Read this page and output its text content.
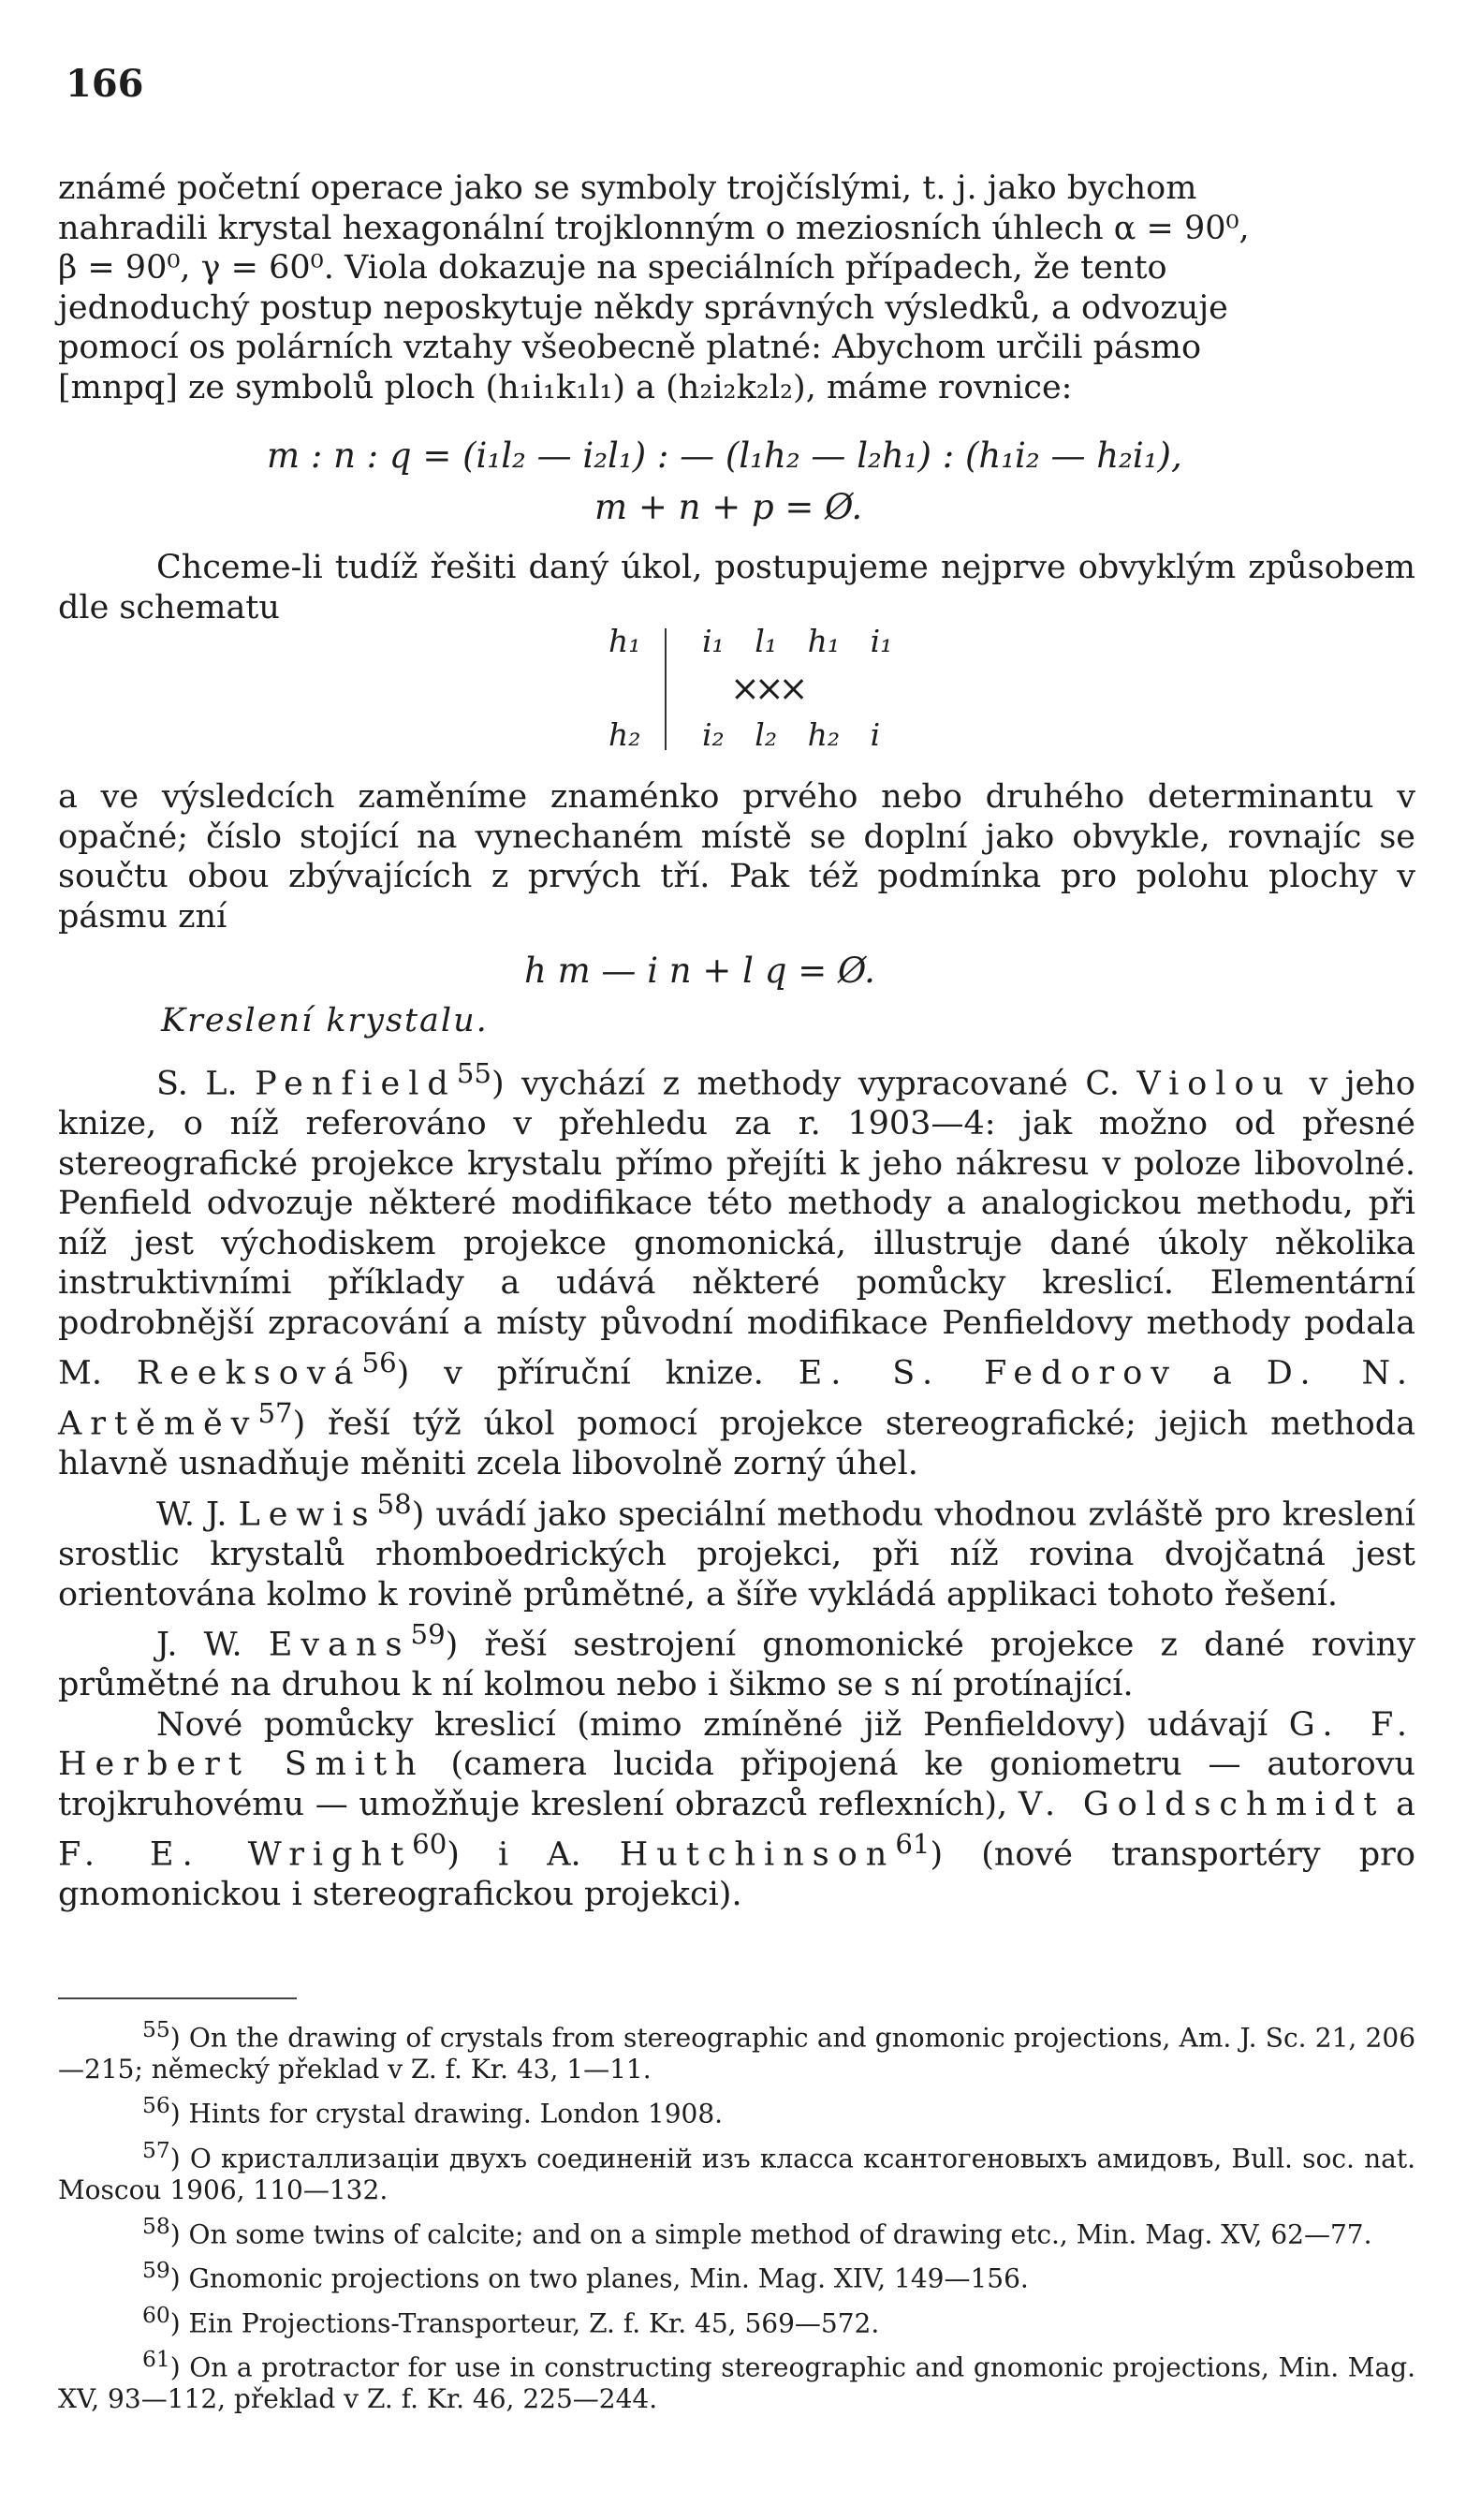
166
známé početní operace jako se symboly trojčíslými, t. j. jako bychom
nahradili krystal hexagonální trojklonným o meziosních úhlech α = 90⁰,
β = 90⁰, γ = 60⁰. Viola dokazuje na speciálních případech, že tento
jednoduchý postup neposkytuje někdy správných výsledků, a odvozuje
pomocí os polárních vztahy všeobecně platné: Abychom určili pásmo
[mnpq] ze symbolů ploch (h₁i₁k₁l₁) a (h₂i₂k₂l₂), máme rovnice:
m : n : q = (i₁l₂ — i₂l₁) : — (l₁h₂ — l₂h₁) : (h₁i₂ — h₂i₁),
m + n + p = Ø.
Chceme-li tudíž řešiti daný úkol, postupujeme nejprve obvyklým způsobem dle schematu
h₁ i₁ l₁ h₁ i₁
×××
h₂ i₂ l₂ h₂ i
a ve výsledcích zaměníme znaménko prvého nebo druhého determinantu v opačné; číslo stojící na vynechaném místě se doplní jako obvykle, rovnajíc se součtu obou zbývajících z prvých tří. Pak též podmínka pro polohu plochy v pásmu zní
h m — i n + l q = Ø.
Kreslení krystalu.

S. L. Penfield$^{55}$) vychází z methody vypracované C. Violou v jeho knize, o níž referováno v přehledu za r. 1903—4: jak možno od přesné stereografické projekce krystalu přímo přejíti k jeho nákresu v poloze libovolné. Penfield odvozuje některé modifikace této methody a analogickou methodu, při níž jest východiskem projekce gnomonická, illustruje dané úkoly několika instruktivními příklady a udává některé pomůcky kreslicí. Elementární podrobnější zpracování a místy původní modifikace Penfieldovy methody podala M. Reeksová$^{56}$) v příruční knize. E. S. Fedorov a D. N. Artěměv$^{57}$) řeší týž úkol pomocí projekce stereografické; jejich methoda hlavně usnadňuje měniti zcela libovolně zorný úhel.

W. J. Lewis$^{58}$) uvádí jako speciální methodu vhodnou zvláště pro kreslení srostlic krystalů rhomboedrických projekci, při níž rovina dvojčatná jest orientována kolmo k rovině průmětné, a šíře vykládá applikaci tohoto řešení.

J. W. Evans$^{59}$) řeší sestrojení gnomonické projekce z dané roviny průmětné na druhou k ní kolmou nebo i šikmo se s ní protínající.

Nové pomůcky kreslicí (mimo zmíněné již Penfieldovy) udávají G. F. Herbert Smith (camera lucida připojená ke goniometru — autorovu trojkruhovému — umožňuje kreslení obrazců reflexních), V. Goldschmidt a F. E. Wright$^{60}$) i A. Hutchinson$^{61}$) (nové transportéry pro gnomonickou i stereografickou projekci).

$^{55}$) On the drawing of crystals from stereographic and gnomonic projections, Am. J. Sc. 21, 206—215; německý překlad v Z. f. Kr. 43, 1—11.

$^{56}$) Hints for crystal drawing. London 1908.

$^{57}$) О кристаллизаціи двухъ соединеній изъ класса ксантогеновыхъ амидовъ, Bull. soc. nat. Moscou 1906, 110—132.

$^{58}$) On some twins of calcite; and on a simple method of drawing etc., Min. Mag. XV, 62—77.

$^{59}$) Gnomonic projections on two planes, Min. Mag. XIV, 149—156.

$^{60}$) Ein Projections-Transporteur, Z. f. Kr. 45, 569—572.

$^{61}$) On a protractor for use in constructing stereographic and gnomonic projections, Min. Mag. XV, 93—112, překlad v Z. f. Kr. 46, 225—244.
